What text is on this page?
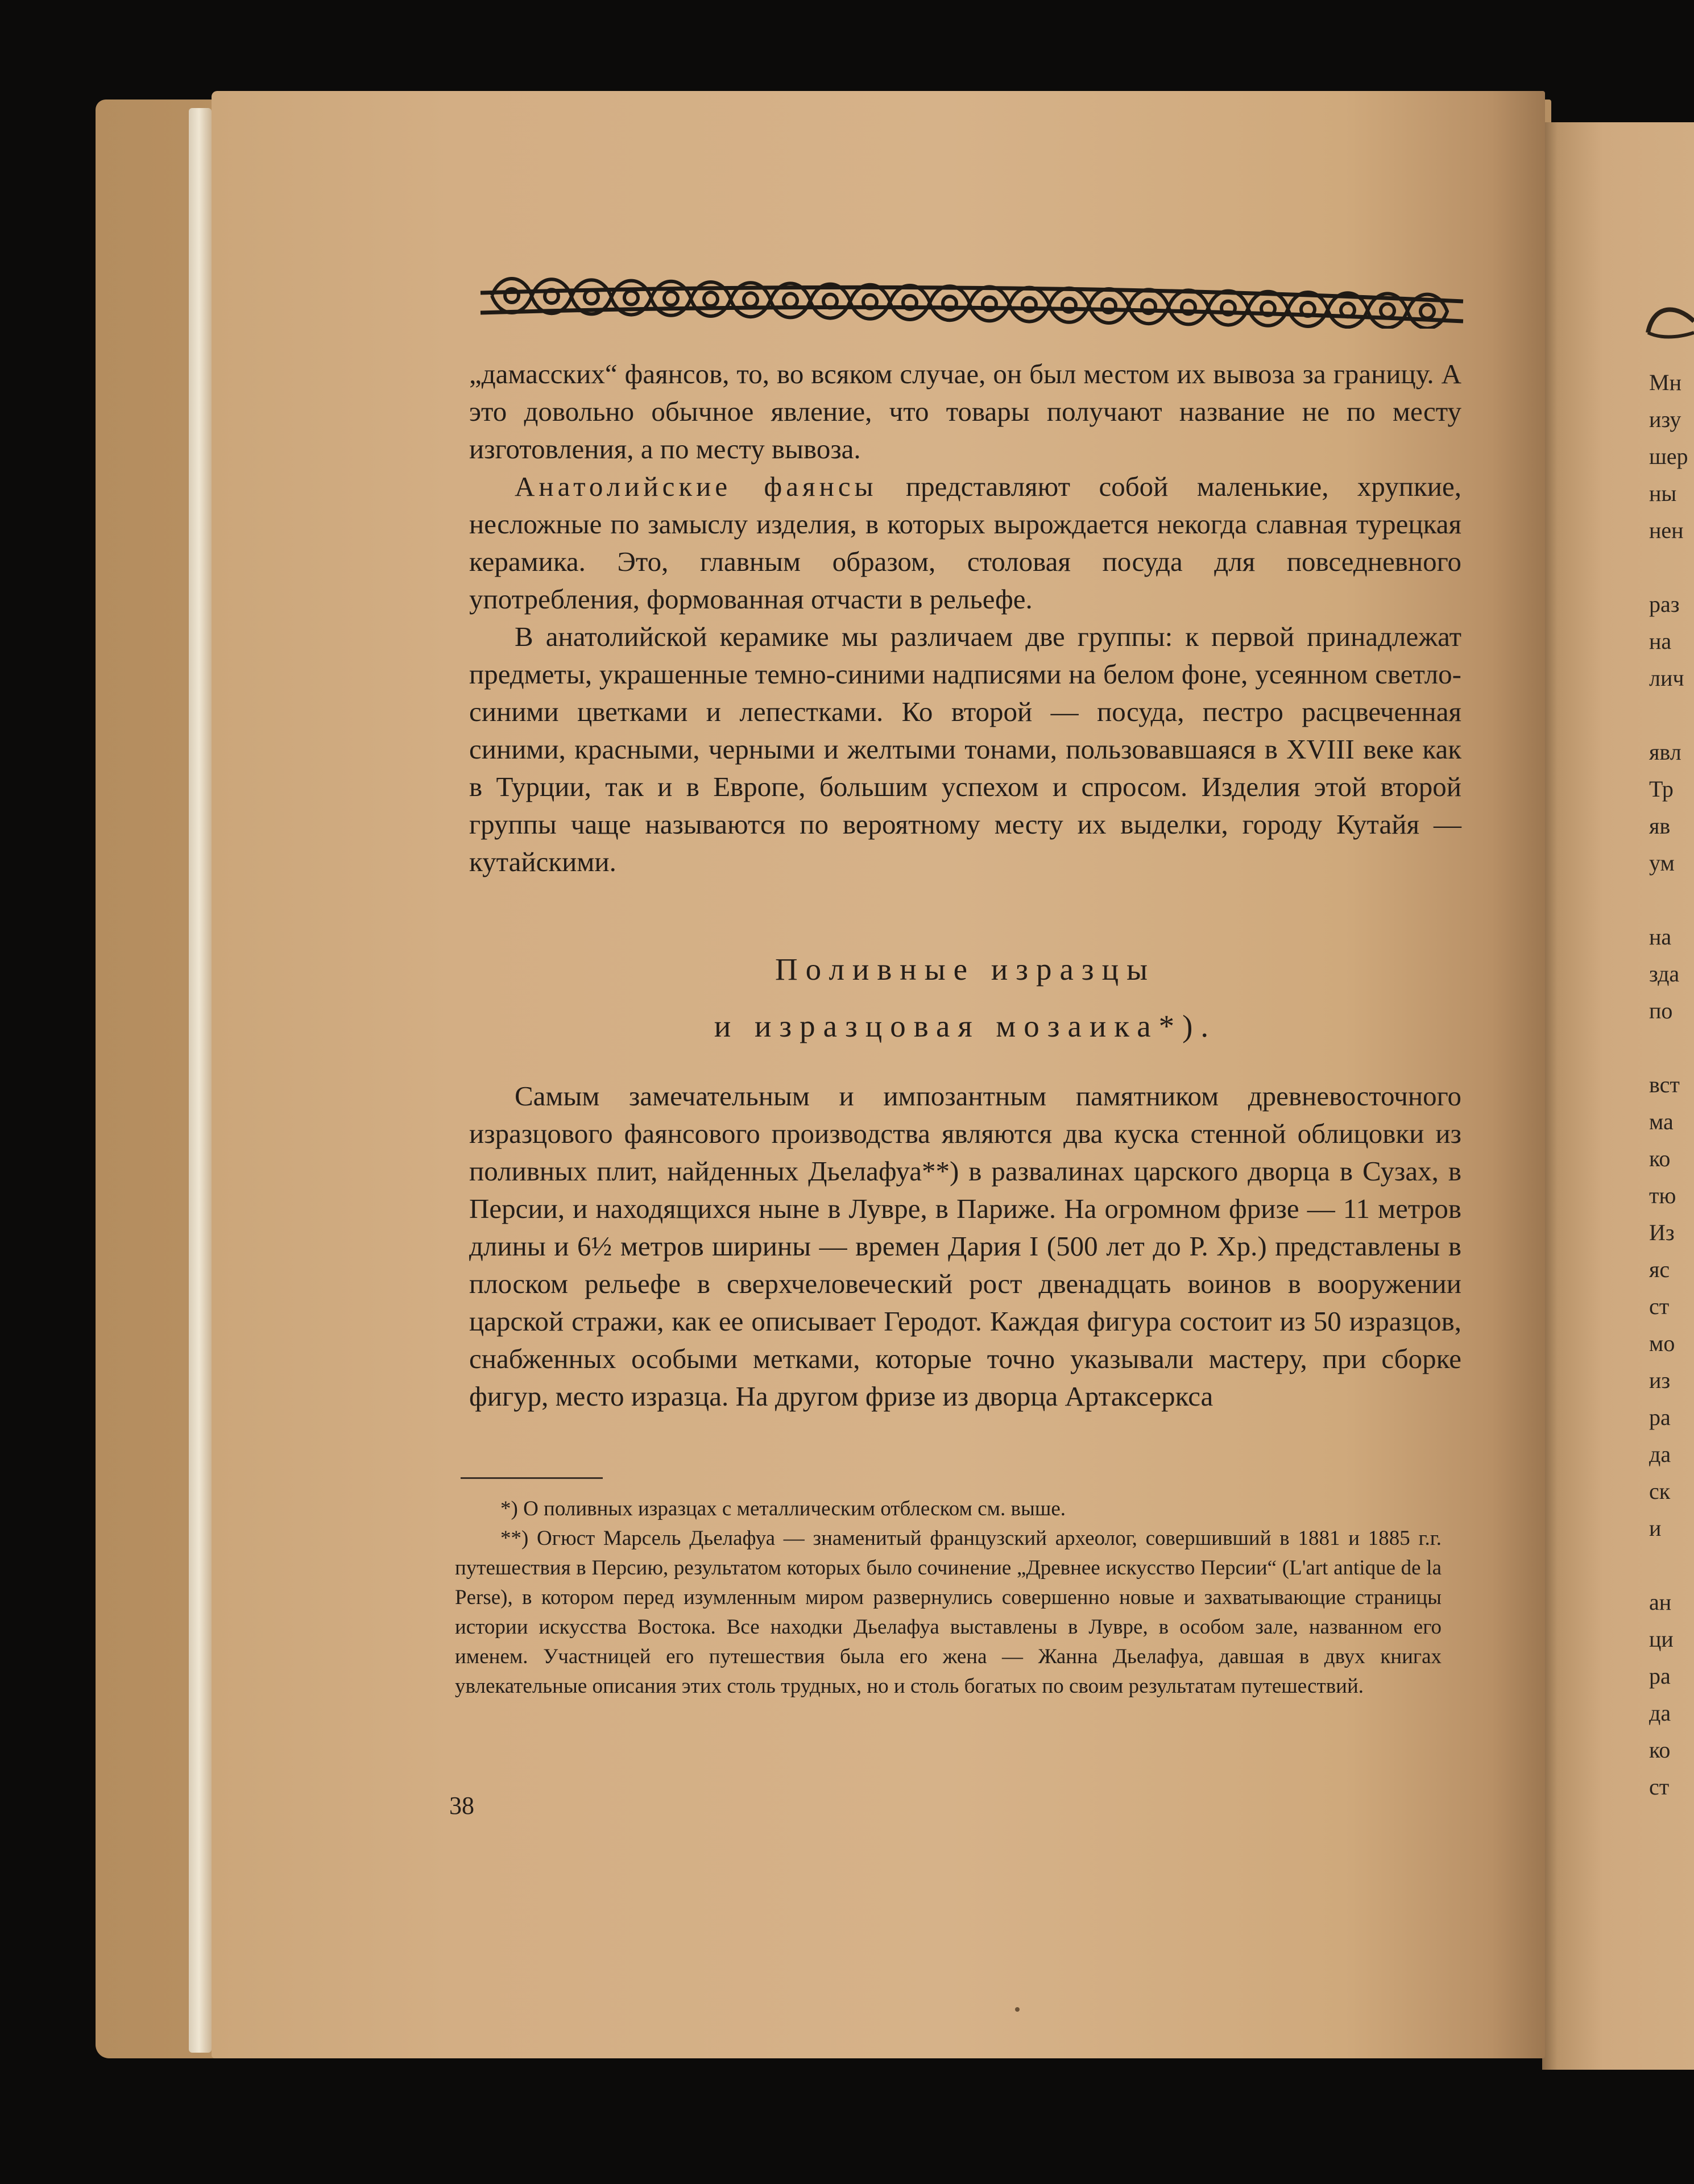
Мн
изу
шер
ны
нен

раз
на
лич

явл
Тр
яв
ум

на
зда
по

вст
ма
ко
тю
Из
яс
ст
мо
из
ра
да
ск
и

ан
ци
ра
да
ко
ст

„дамасских“ фаянсов, то, во всяком случае, он был местом их вывоза за границу. А это довольно обычное явление, что товары получают название не по месту изготовления, а по месту вывоза.

Анатолийские фаянсы представляют собой маленькие, хрупкие, несложные по замыслу изделия, в которых вырождается некогда славная турецкая керамика. Это, главным образом, столовая посуда для повседневного употребления, формованная отчасти в рельефе.

В анатолийской керамике мы различаем две группы: к первой принадлежат предметы, украшенные темно-синими надписями на белом фоне, усеянном светло-синими цветками и лепестками. Ко второй — посуда, пестро расцвеченная синими, красными, черными и желтыми тонами, пользовавшаяся в XVIII веке как в Турции, так и в Европе, большим успехом и спросом. Изделия этой второй группы чаще называются по вероятному месту их выделки, городу Кутайя — кутайскими.

Поливные изразцы
и изразцовая мозаика*).

Самым замечательным и импозантным памятником древневосточного изразцового фаянсового производства являются два куска стенной облицовки из поливных плит, найденных Дьелафуа**) в развалинах царского дворца в Сузах, в Персии, и находящихся ныне в Лувре, в Париже. На огромном фризе — 11 метров длины и 6½ метров ширины — времен Дария I (500 лет до Р. Хр.) представлены в плоском рельефе в сверхчеловеческий рост двенадцать воинов в вооружении царской стражи, как ее описывает Геродот. Каждая фигура состоит из 50 изразцов, снабженных особыми метками, которые точно указывали мастеру, при сборке фигур, место изразца. На другом фризе из дворца Артаксеркса

*) О поливных изразцах с металлическим отблеском см. выше.

**) Огюст Марсель Дьелафуа — знаменитый французский археолог, совершивший в 1881 и 1885 г.г. путешествия в Персию, результатом которых было сочинение „Древнее искусство Персии“ (L'art antique de la Perse), в котором перед изумленным миром развернулись совершенно новые и захватывающие страницы истории искусства Востока. Все находки Дьелафуа выставлены в Лувре, в особом зале, названном его именем. Участницей его путешествия была его жена — Жанна Дьелафуа, давшая в двух книгах увлекательные описания этих столь трудных, но и столь богатых по своим результатам путешествий.

38
